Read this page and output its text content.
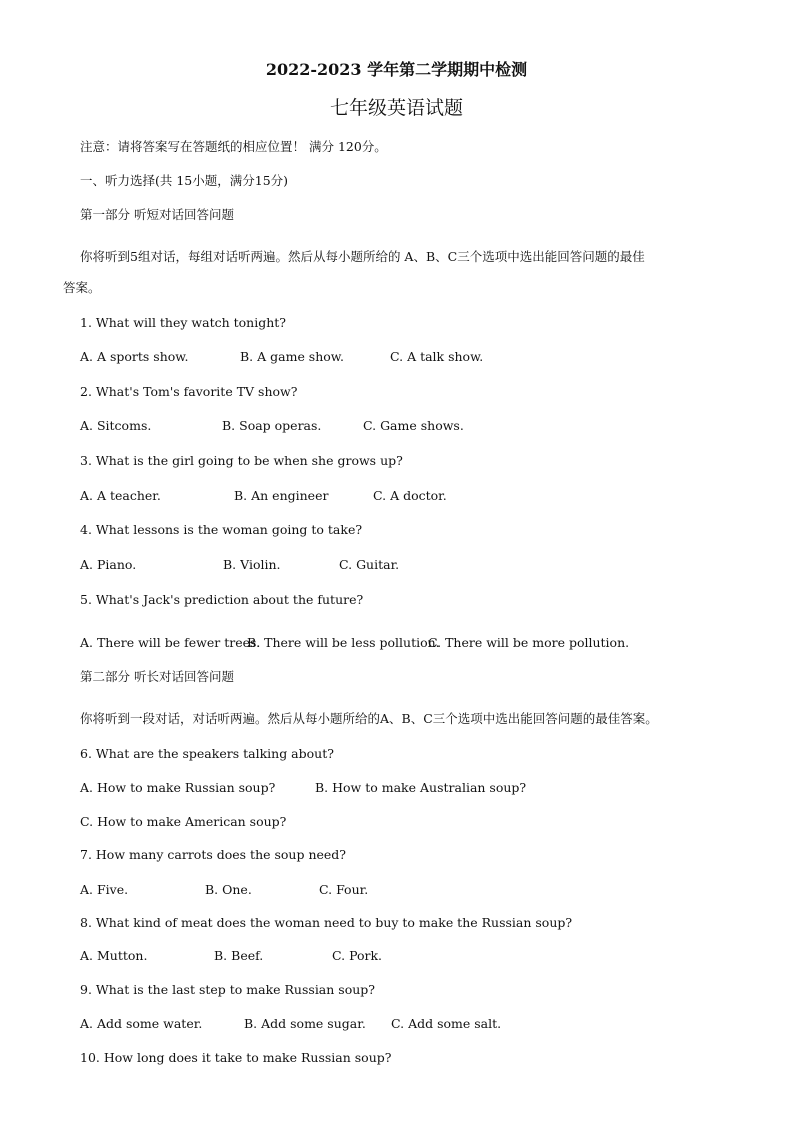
2022-2023 学年第二学期期中检测
七年级英语试题
注意：请将答案写在答题纸的相应位置！ 满分 120分。
一、听力选择(共 15小题，满分15分)
第一部分 听短对话回答问题
你将听到5组对话，每组对话听两遍。然后从每小题所给的 A、B、C三个选项中选出能回答问题的最佳
答案。
1. What will they watch tonight?
A. A sports show.	B. A game show.	C. A talk show.
2. What's Tom's favorite TV show?
A. Sitcoms.	B. Soap operas.	C. Game shows.
3. What is the girl going to be when she grows up?
A. A teacher.	B. An engineer	C. A doctor.
4. What lessons is the woman going to take?
A. Piano.	B. Violin.	C. Guitar.
5. What's Jack's prediction about the future?
A. There will be fewer trees.
B. There will be less pollution.
C. There will be more pollution.
第二部分 听长对话回答问题
你将听到一段对话，对话听两遍。然后从每小题所给的A、B、C三个选项中选出能回答问题的最佳答案。
6. What are the speakers talking about?
A. How to make Russian soup?	B. How to make Australian soup?
C. How to make American soup?
7. How many carrots does the soup need?
A. Five.	B. One.	C. Four.
8. What kind of meat does the woman need to buy to make the Russian soup?
A. Mutton.	B. Beef.	C. Pork.
9. What is the last step to make Russian soup?
A. Add some water.	B. Add some sugar. C. Add some salt.
10. How long does it take to make Russian soup?
